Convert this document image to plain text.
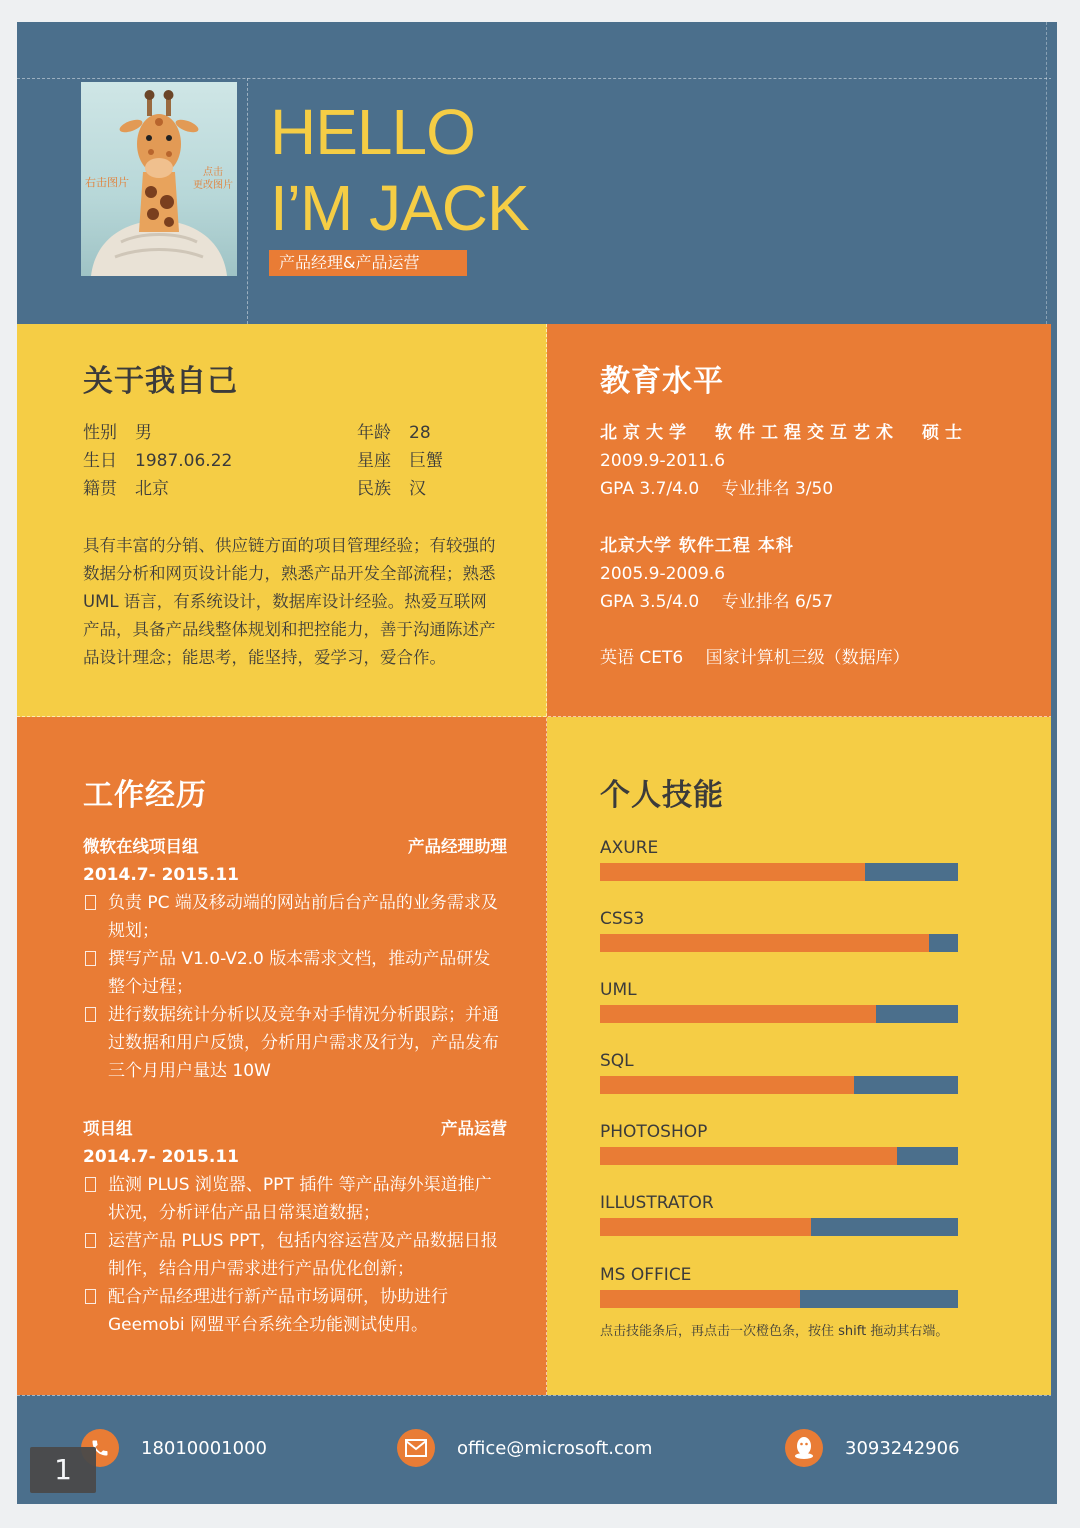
右击图片
点击
更改图片
HELLO
I’M JACK
产品经理&产品运营
关于我自己
性别 男	年龄 28
生日 1987.06.22	星座 巨蟹
籍贯 北京	民族 汉
具有丰富的分销、供应链方面的项目管理经验；有较强的数据分析和网页设计能力，熟悉产品开发全部流程；熟悉 UML 语言，有系统设计，数据库设计经验。热爱互联网产品，具备产品线整体规划和把控能力，善于沟通陈述产品设计理念；能思考，能坚持，爱学习，爱合作。
教育水平
北京大学　软件工程交互艺术　硕士
2009.9-2011.6
GPA 3.7/4.0　 专业排名 3/50
北京大学 软件工程 本科
2005.9-2009.6
GPA 3.5/4.0　 专业排名 6/57
英语 CET6　 国家计算机三级（数据库）
工作经历
微软在线项目组	产品经理助理
2014.7- 2015.11
负责 PC 端及移动端的网站前后台产品的业务需求及规划；
撰写产品 V1.0-V2.0 版本需求文档，推动产品研发整个过程；
进行数据统计分析以及竞争对手情况分析跟踪；并通过数据和用户反馈，分析用户需求及行为，产品发布三个月用户量达 10W
项目组	产品运营
2014.7- 2015.11
监测 PLUS 浏览器、PPT 插件 等产品海外渠道推广状况，分析评估产品日常渠道数据；
运营产品 PLUS PPT，包括内容运营及产品数据日报制作，结合用户需求进行产品优化创新；
配合产品经理进行新产品市场调研，协助进行 Geemobi 网盟平台系统全功能测试使用。
个人技能
AXURE
CSS3
UML
SQL
PHOTOSHOP
ILLUSTRATOR
MS OFFICE
点击技能条后，再点击一次橙色条，按住 shift 拖动其右端。
18010001000	office@microsoft.com	3093242906
1
